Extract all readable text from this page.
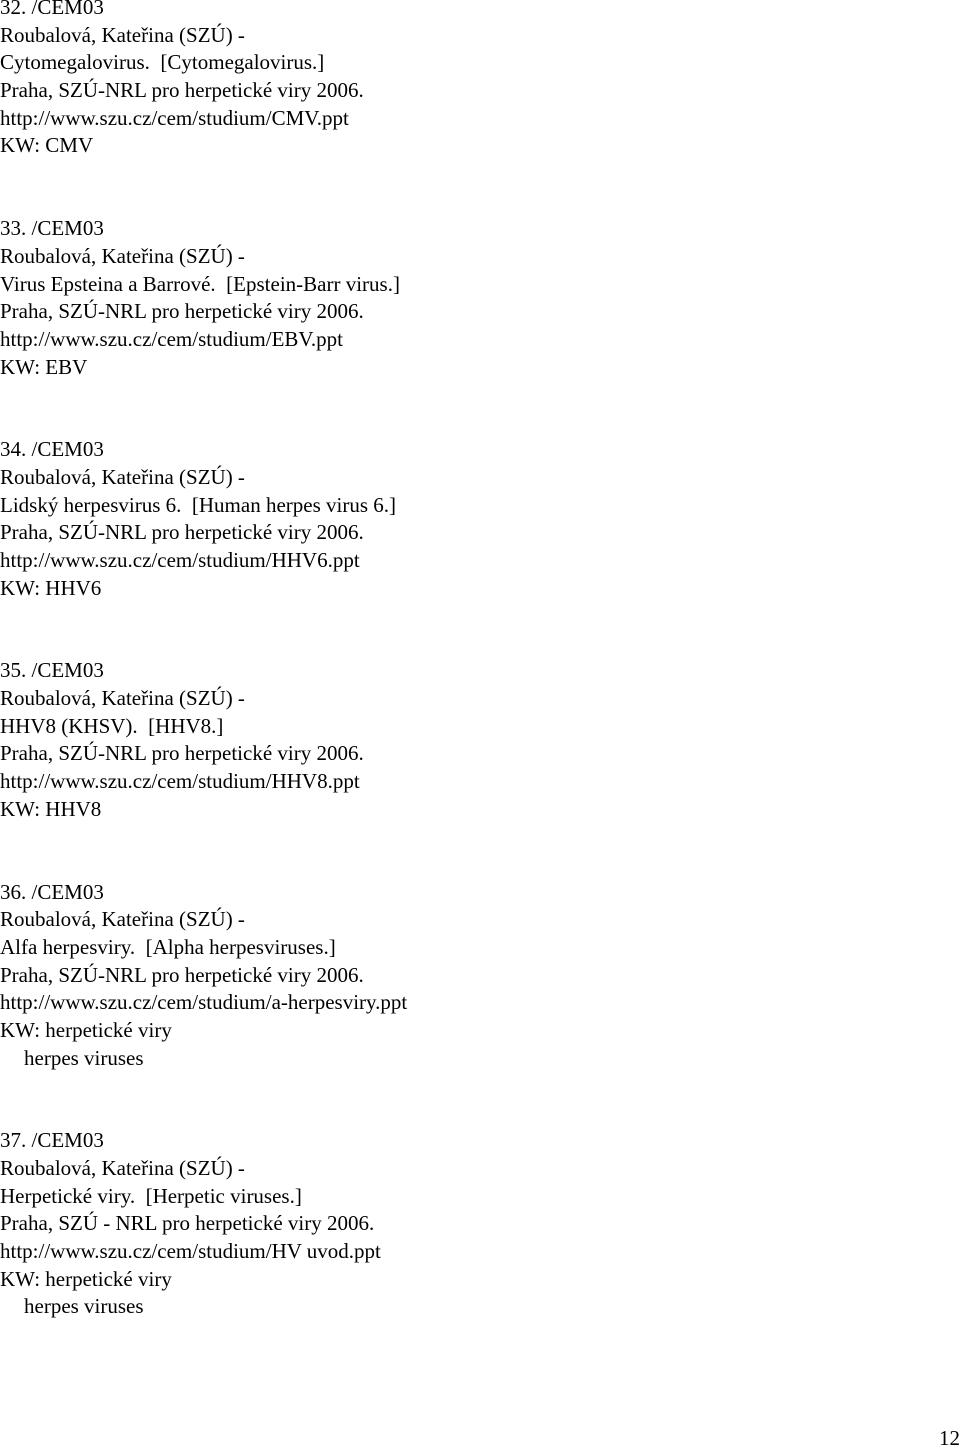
32. /CEM03
Roubalová, Kateřina (SZÚ) -
Cytomegalovirus.  [Cytomegalovirus.]
Praha, SZÚ-NRL pro herpetické viry 2006.
http://www.szu.cz/cem/studium/CMV.ppt
KW: CMV
33. /CEM03
Roubalová, Kateřina (SZÚ) -
Virus Epsteina a Barrové.  [Epstein-Barr virus.]
Praha, SZÚ-NRL pro herpetické viry 2006.
http://www.szu.cz/cem/studium/EBV.ppt
KW: EBV
34. /CEM03
Roubalová, Kateřina (SZÚ) -
Lidský herpesvirus 6.  [Human herpes virus 6.]
Praha, SZÚ-NRL pro herpetické viry 2006.
http://www.szu.cz/cem/studium/HHV6.ppt
KW: HHV6
35. /CEM03
Roubalová, Kateřina (SZÚ) -
HHV8 (KHSV).  [HHV8.]
Praha, SZÚ-NRL pro herpetické viry 2006.
http://www.szu.cz/cem/studium/HHV8.ppt
KW: HHV8
36. /CEM03
Roubalová, Kateřina (SZÚ) -
Alfa herpesviry.  [Alpha herpesviruses.]
Praha, SZÚ-NRL pro herpetické viry 2006.
http://www.szu.cz/cem/studium/a-herpesviry.ppt
KW: herpetické viry
herpes viruses
37. /CEM03
Roubalová, Kateřina (SZÚ) -
Herpetické viry.  [Herpetic viruses.]
Praha, SZÚ - NRL pro herpetické viry 2006.
http://www.szu.cz/cem/studium/HV uvod.ppt
KW: herpetické viry
herpes viruses
12
